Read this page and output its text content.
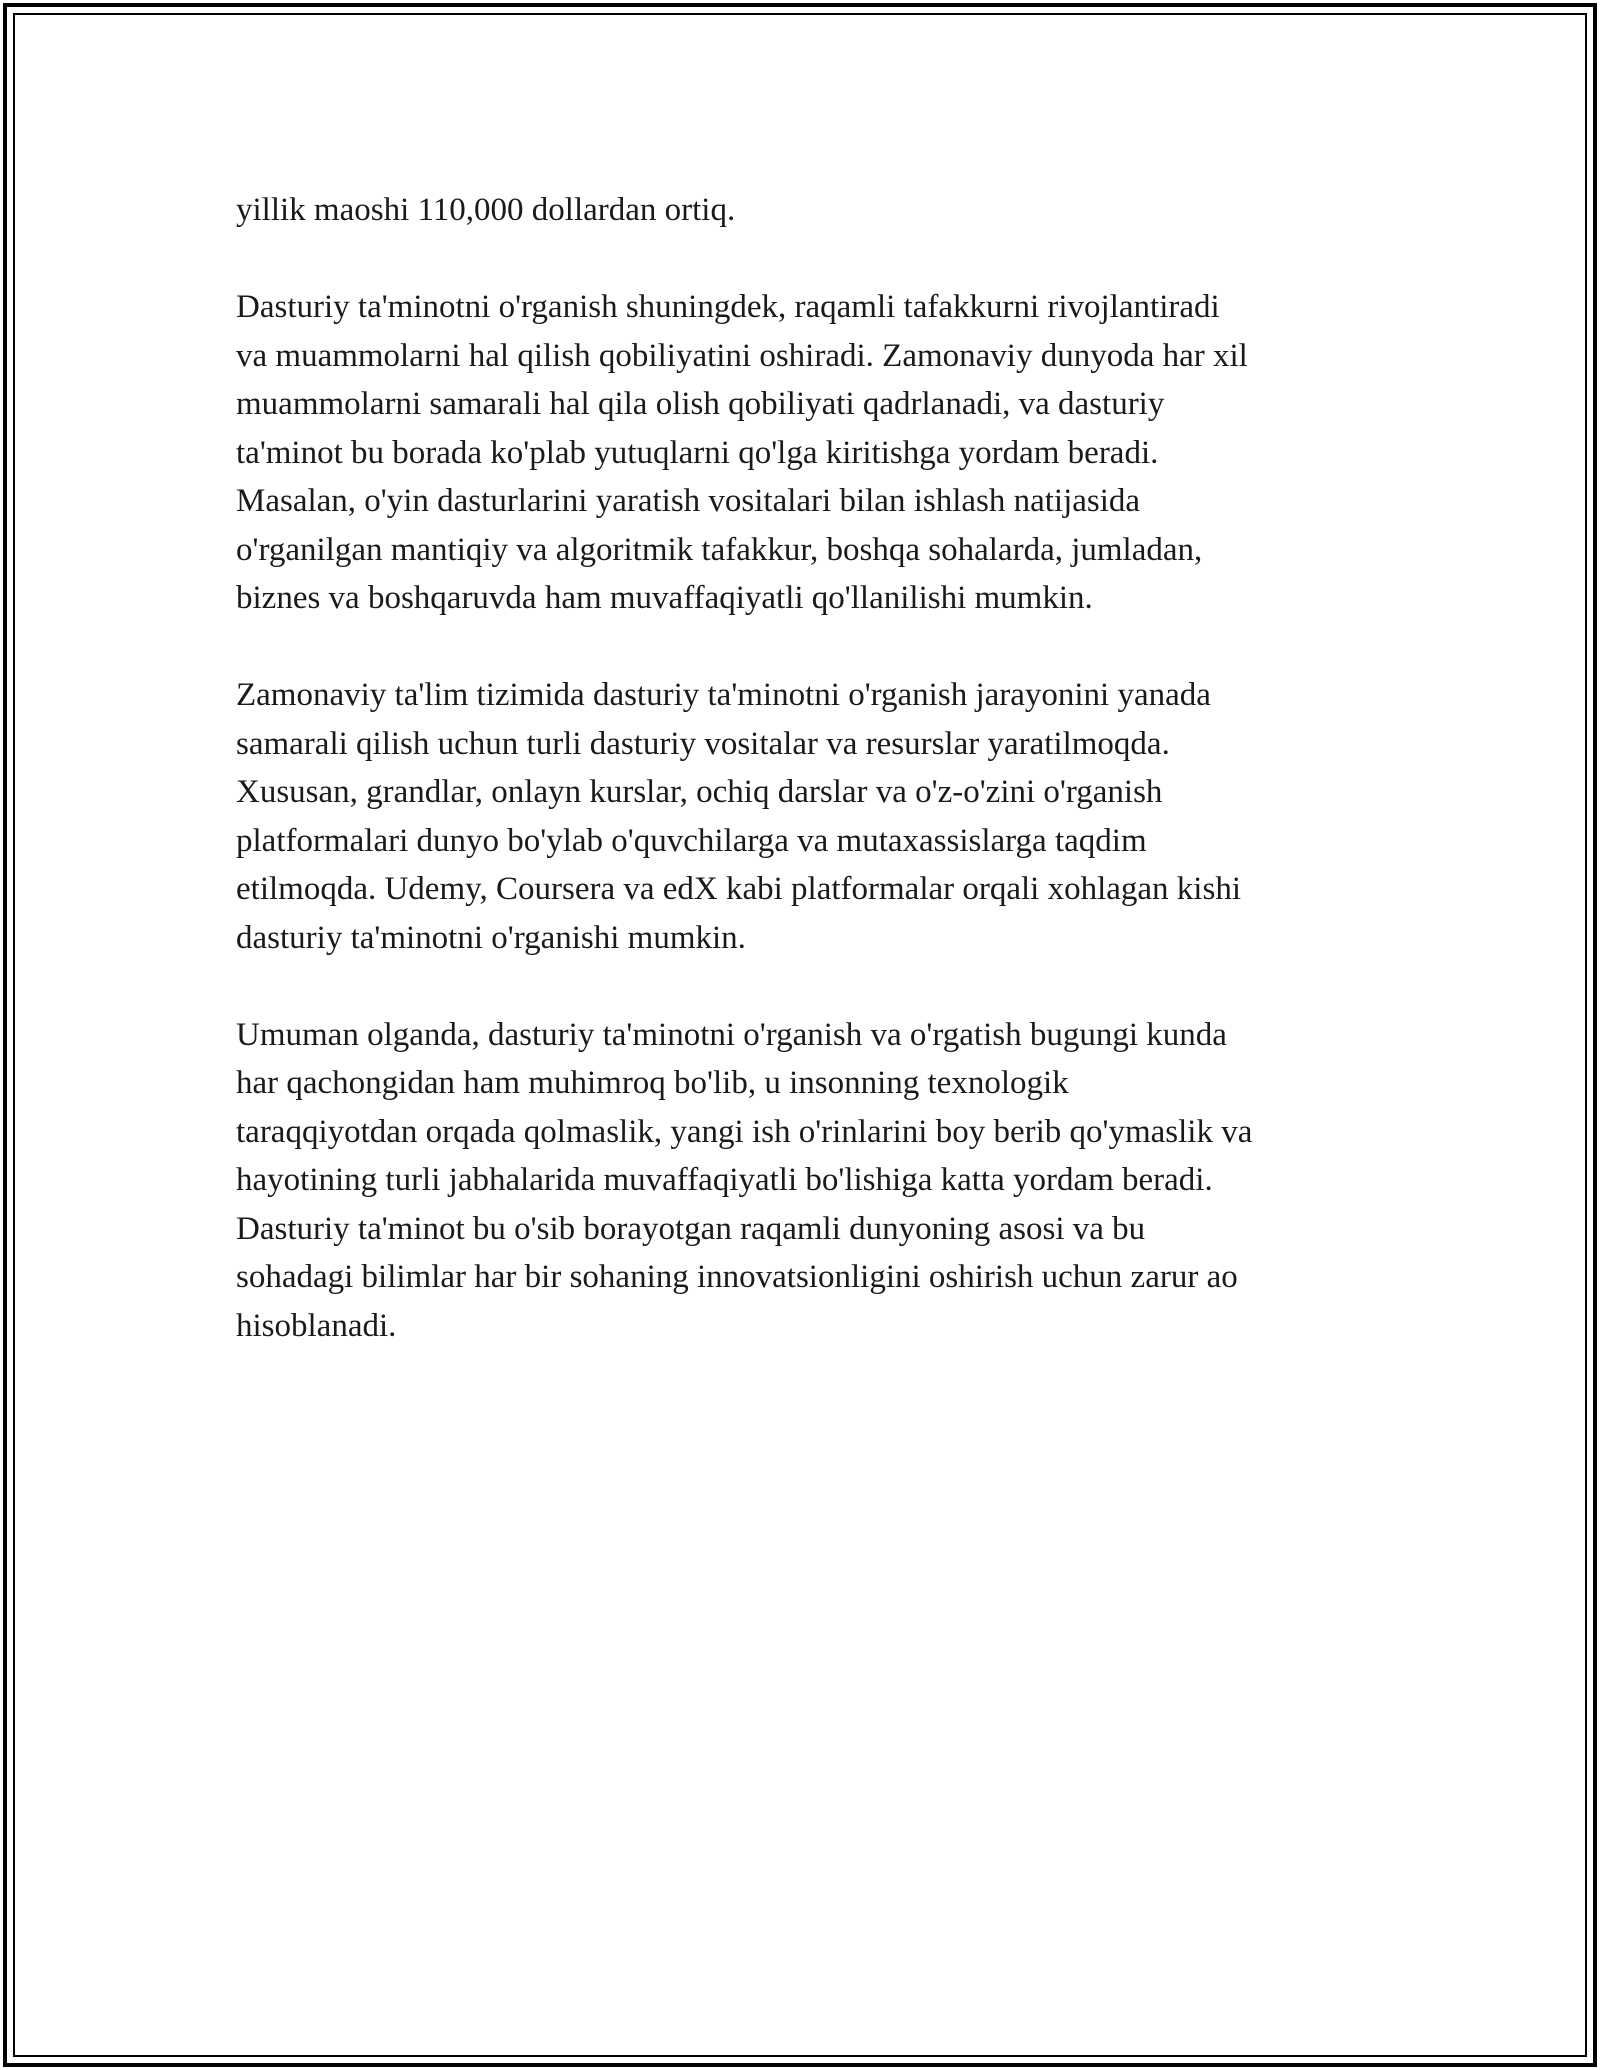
yillik maoshi 110,000 dollardan ortiq.
Dasturiy ta'minotni o'rganish shuningdek, raqamli tafakkurni rivojlantiradi
va muammolarni hal qilish qobiliyatini oshiradi. Zamonaviy dunyoda har xil
muammolarni samarali hal qila olish qobiliyati qadrlanadi, va dasturiy
ta'minot bu borada ko'plab yutuqlarni qo'lga kiritishga yordam beradi.
Masalan, o'yin dasturlarini yaratish vositalari bilan ishlash natijasida
o'rganilgan mantiqiy va algoritmik tafakkur, boshqa sohalarda, jumladan,
biznes va boshqaruvda ham muvaffaqiyatli qo'llanilishi mumkin.
Zamonaviy ta'lim tizimida dasturiy ta'minotni o'rganish jarayonini yanada
samarali qilish uchun turli dasturiy vositalar va resurslar yaratilmoqda.
Xususan, grandlar, onlayn kurslar, ochiq darslar va o'z-o'zini o'rganish
platformalari dunyo bo'ylab o'quvchilarga va mutaxassislarga taqdim
etilmoqda. Udemy, Coursera va edX kabi platformalar orqali xohlagan kishi
dasturiy ta'minotni o'rganishi mumkin.
Umuman olganda, dasturiy ta'minotni o'rganish va o'rgatish bugungi kunda
har qachongidan ham muhimroq bo'lib, u insonning texnologik
taraqqiyotdan orqada qolmaslik, yangi ish o'rinlarini boy berib qo'ymaslik va
hayotining turli jabhalarida muvaffaqiyatli bo'lishiga katta yordam beradi.
Dasturiy ta'minot bu o'sib borayotgan raqamli dunyoning asosi va bu
sohadagi bilimlar har bir sohaning innovatsionligini oshirish uchun zarur ao
hisoblanadi.
